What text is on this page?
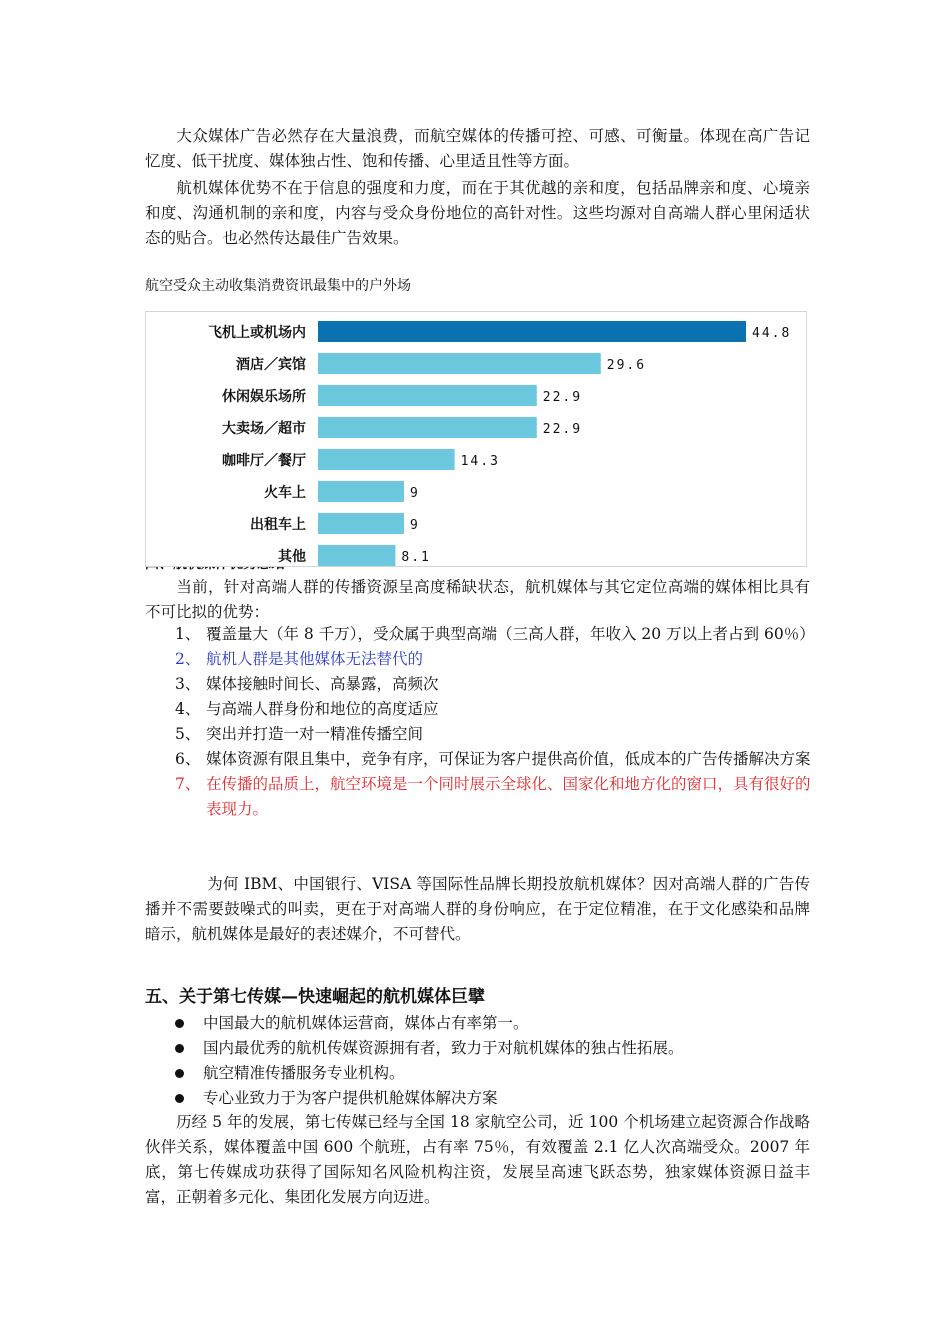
大众媒体广告必然存在大量浪费，而航空媒体的传播可控、可感、可衡量。体现在高广告记忆度、低干扰度、媒体独占性、饱和传播、心里适且性等方面。

航机媒体优势不在于信息的强度和力度，而在于其优越的亲和度，包括品牌亲和度、心境亲和度、沟通机制的亲和度，内容与受众身份地位的高针对性。这些均源对自高端人群心里闲适状态的贴合。也必然传达最佳广告效果。

航空受众主动收集消费资讯最集中的户外场
飞机上或机场内	44.8
酒店／宾馆	29.6
休闲娱乐场所	22.9
大卖场／超市	22.9
咖啡厅／餐厅	14.3
火车上	9
出租车上	9
其他	8.1

当前，针对高端人群的传播资源呈高度稀缺状态，航机媒体与其它定位高端的媒体相比具有不可比拟的优势：

1、 覆盖量大（年 8 千万），受众属于典型高端（三高人群，年收入 20 万以上者占到 60％）
2、 航机人群是其他媒体无法替代的
3、 媒体接触时间长、高暴露，高频次
4、 与高端人群身份和地位的高度适应
5、 突出并打造一对一精准传播空间
6、 媒体资源有限且集中，竞争有序，可保证为客户提供高价值，低成本的广告传播解决方案
7、 在传播的品质上，航空环境是一个同时展示全球化、国家化和地方化的窗口，具有很好的表现力。

为何 IBM、中国银行、VISA 等国际性品牌长期投放航机媒体？因对高端人群的广告传播并不需要鼓噪式的叫卖，更在于对高端人群的身份响应，在于定位精准，在于文化感染和品牌暗示，航机媒体是最好的表述媒介，不可替代。

五、关于第七传媒—快速崛起的航机媒体巨擘
中国最大的航机媒体运营商，媒体占有率第一。
国内最优秀的航机传媒资源拥有者，致力于对航机媒体的独占性拓展。
航空精准传播服务专业机构。
专心业致力于为客户提供机舱媒体解决方案

历经 5 年的发展，第七传媒已经与全国 18 家航空公司，近 100 个机场建立起资源合作战略伙伴关系，媒体覆盖中国 600 个航班，占有率 75％，有效覆盖 2.1 亿人次高端受众。2007 年底，第七传媒成功获得了国际知名风险机构注资，发展呈高速飞跃态势，独家媒体资源日益丰富，正朝着多元化、集团化发展方向迈进。
